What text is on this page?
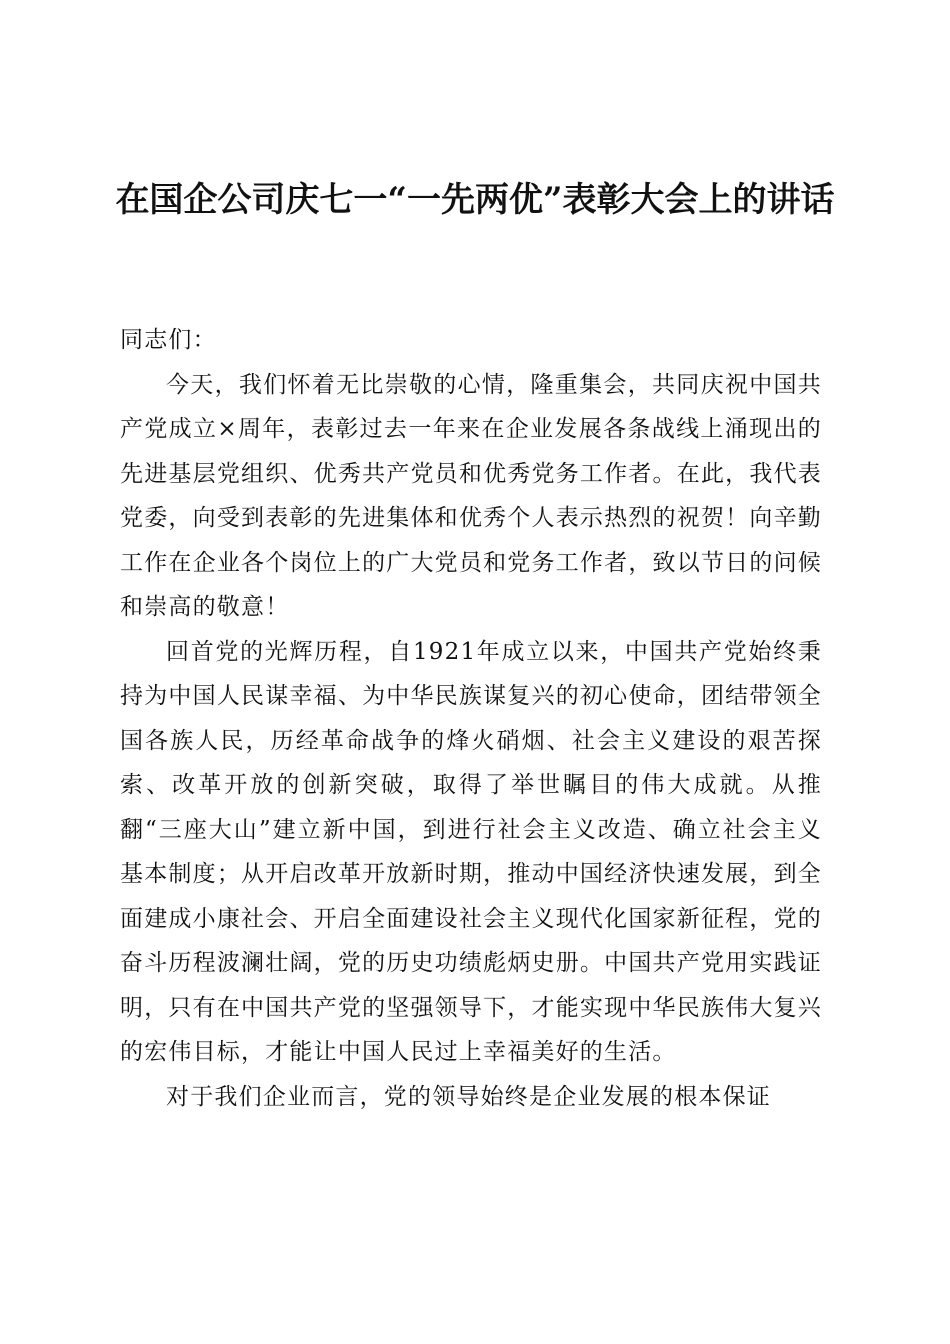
在国企公司庆七一“一先两优”表彰大会上的讲话

同志们：

今天，我们怀着无比崇敬的心情，隆重集会，共同庆祝中国共产党成立×周年，表彰过去一年来在企业发展各条战线上涌现出的先进基层党组织、优秀共产党员和优秀党务工作者。在此，我代表党委，向受到表彰的先进集体和优秀个人表示热烈的祝贺！向辛勤工作在企业各个岗位上的广大党员和党务工作者，致以节日的问候和崇高的敬意！

回首党的光辉历程，自1921年成立以来，中国共产党始终秉持为中国人民谋幸福、为中华民族谋复兴的初心使命，团结带领全国各族人民，历经革命战争的烽火硝烟、社会主义建设的艰苦探索、改革开放的创新突破，取得了举世瞩目的伟大成就。从推翻“三座大山”建立新中国，到进行社会主义改造、确立社会主义基本制度；从开启改革开放新时期，推动中国经济快速发展，到全面建成小康社会、开启全面建设社会主义现代化国家新征程，党的奋斗历程波澜壮阔，党的历史功绩彪炳史册。中国共产党用实践证明，只有在中国共产党的坚强领导下，才能实现中华民族伟大复兴的宏伟目标，才能让中国人民过上幸福美好的生活。

对于我们企业而言，党的领导始终是企业发展的根本保证
